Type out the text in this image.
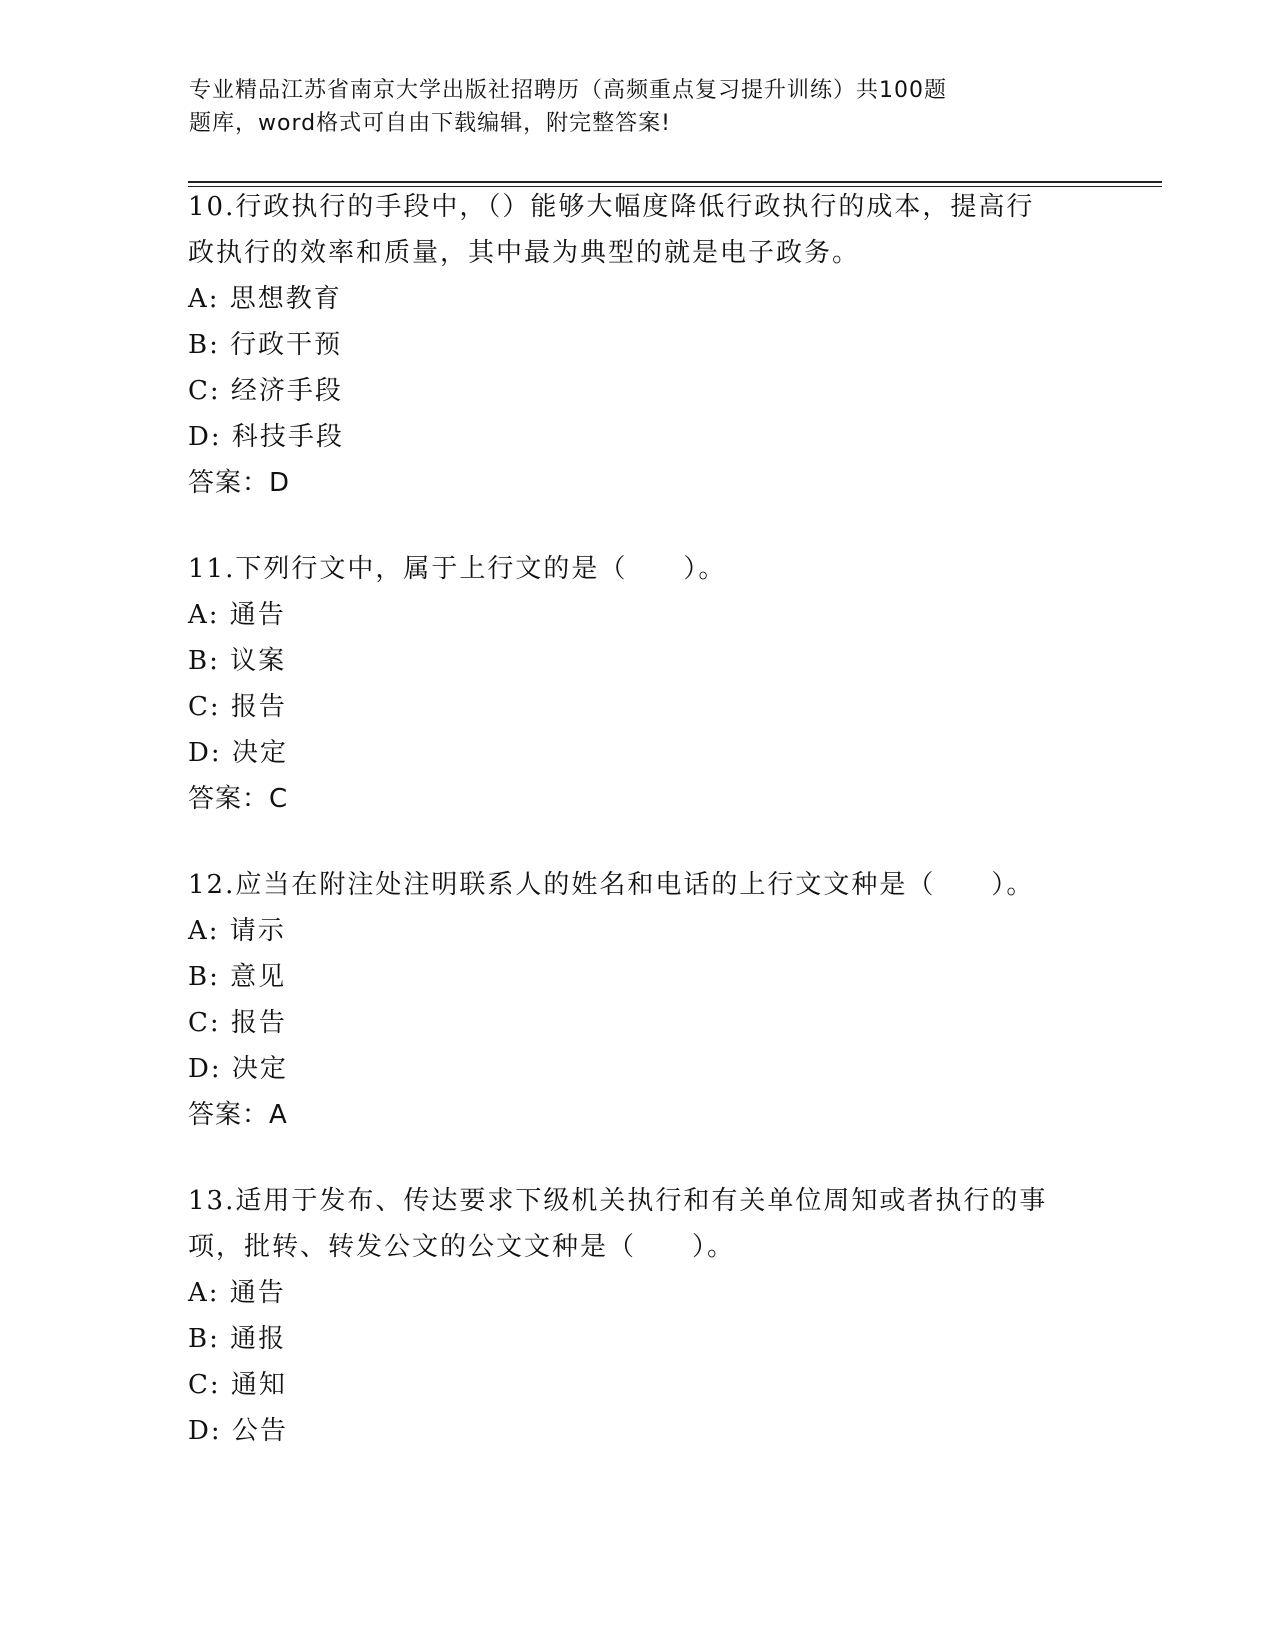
专业精品江苏省南京大学出版社招聘历（高频重点复习提升训练）共100题
题库，word格式可自由下载编辑，附完整答案!

10.行政执行的手段中，（）能够大幅度降低行政执行的成本，提高行

政执行的效率和质量，其中最为典型的就是电子政务。

A: 思想教育

B: 行政干预

C: 经济手段

D: 科技手段

答案：D

11.下列行文中，属于上行文的是（　　）。

A: 通告

B: 议案

C: 报告

D: 决定

答案：C

12.应当在附注处注明联系人的姓名和电话的上行文文种是（　　）。

A: 请示

B: 意见

C: 报告

D: 决定

答案：A

13.适用于发布、传达要求下级机关执行和有关单位周知或者执行的事

项，批转、转发公文的公文文种是（　　）。

A: 通告

B: 通报

C: 通知

D: 公告
